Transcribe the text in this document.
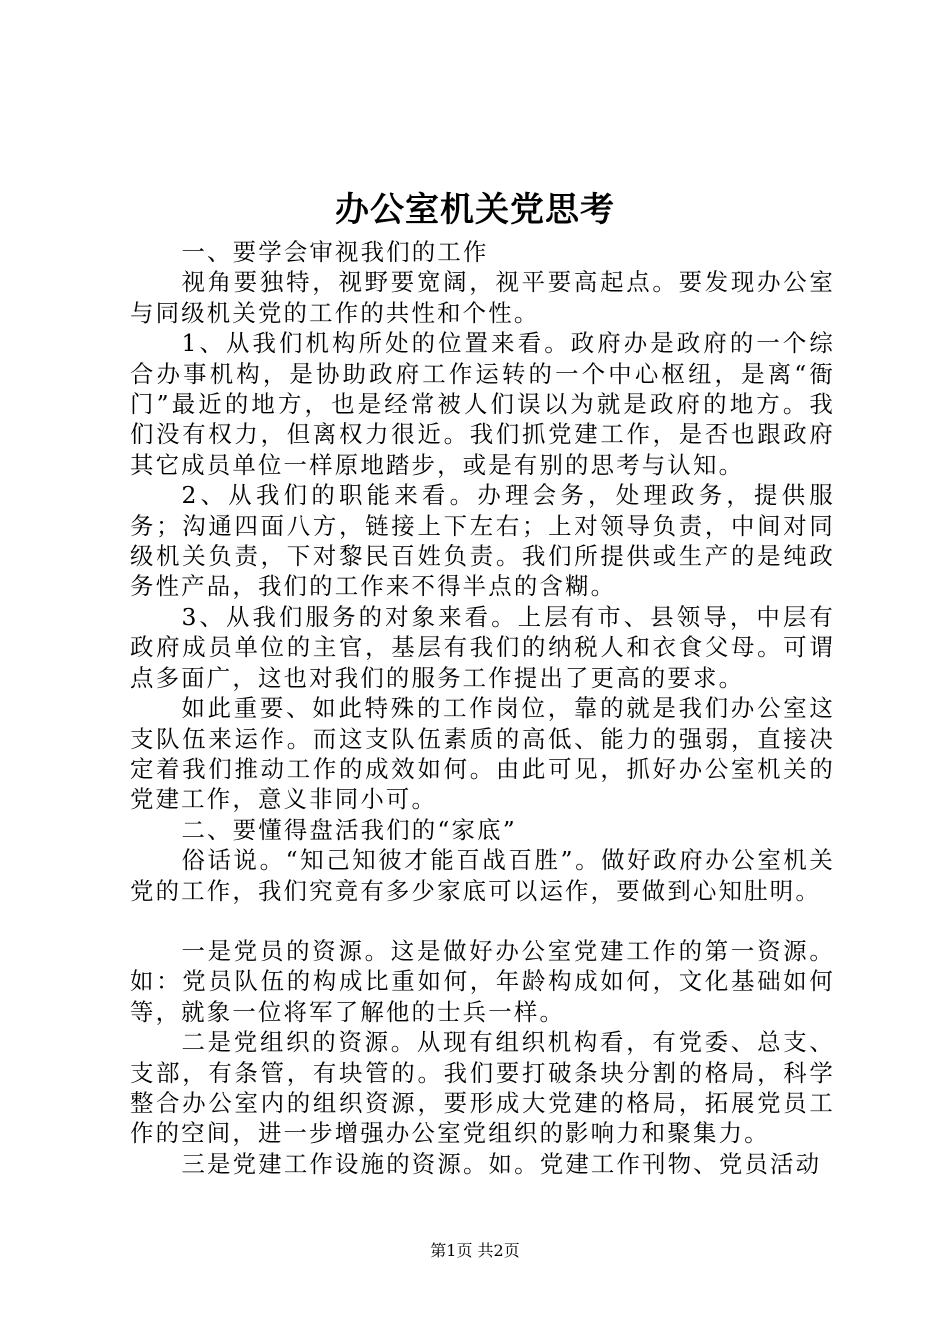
办公室机关党思考

一、要学会审视我们的工作

视角要独特，视野要宽阔，视平要高起点。要发现办公室与同级机关党的工作的共性和个性。

1、从我们机构所处的位置来看。政府办是政府的一个综合办事机构，是协助政府工作运转的一个中心枢纽，是离“衙门”最近的地方，也是经常被人们误以为就是政府的地方。我们没有权力，但离权力很近。我们抓党建工作，是否也跟政府其它成员单位一样原地踏步，或是有别的思考与认知。

2、从我们的职能来看。办理会务，处理政务，提供服务；沟通四面八方，链接上下左右；上对领导负责，中间对同级机关负责，下对黎民百姓负责。我们所提供或生产的是纯政务性产品，我们的工作来不得半点的含糊。

3、从我们服务的对象来看。上层有市、县领导，中层有政府成员单位的主官，基层有我们的纳税人和衣食父母。可谓点多面广，这也对我们的服务工作提出了更高的要求。

如此重要、如此特殊的工作岗位，靠的就是我们办公室这支队伍来运作。而这支队伍素质的高低、能力的强弱，直接决定着我们推动工作的成效如何。由此可见，抓好办公室机关的党建工作，意义非同小可。

二、要懂得盘活我们的“家底”

俗话说。“知己知彼才能百战百胜”。做好政府办公室机关党的工作，我们究竟有多少家底可以运作，要做到心知肚明。

一是党员的资源。这是做好办公室党建工作的第一资源。如：党员队伍的构成比重如何，年龄构成如何，文化基础如何等，就象一位将军了解他的士兵一样。

二是党组织的资源。从现有组织机构看，有党委、总支、支部，有条管，有块管的。我们要打破条块分割的格局，科学整合办公室内的组织资源，要形成大党建的格局，拓展党员工作的空间，进一步增强办公室党组织的影响力和聚集力。

三是党建工作设施的资源。如。党建工作刊物、党员活动

第1页 共2页
